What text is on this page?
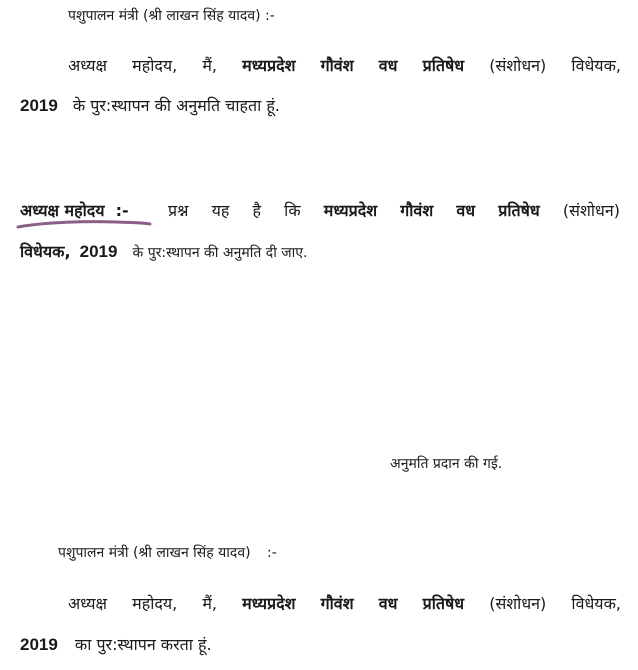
पशुपालन मंत्री (श्री लाखन सिंह यादव) :-
अध्यक्ष महोदय, मैं, मध्यप्रदेश गौवंश वध प्रतिषेध (संशोधन) विधेयक,
2019 के पुर:स्थापन की अनुमति चाहता हूं.
अध्यक्ष महोदय :- प्रश्न यह है कि मध्यप्रदेश गौवंश वध प्रतिषेध (संशोधन)
विधेयक, 2019 के पुर:स्थापन की अनुमति दी जाए.
अनुमति प्रदान की गई.
पशुपालन मंत्री (श्री लाखन सिंह यादव) :-
अध्यक्ष महोदय, मैं, मध्यप्रदेश गौवंश वध प्रतिषेध (संशोधन) विधेयक,
2019 का पुर:स्थापन करता हूं.
